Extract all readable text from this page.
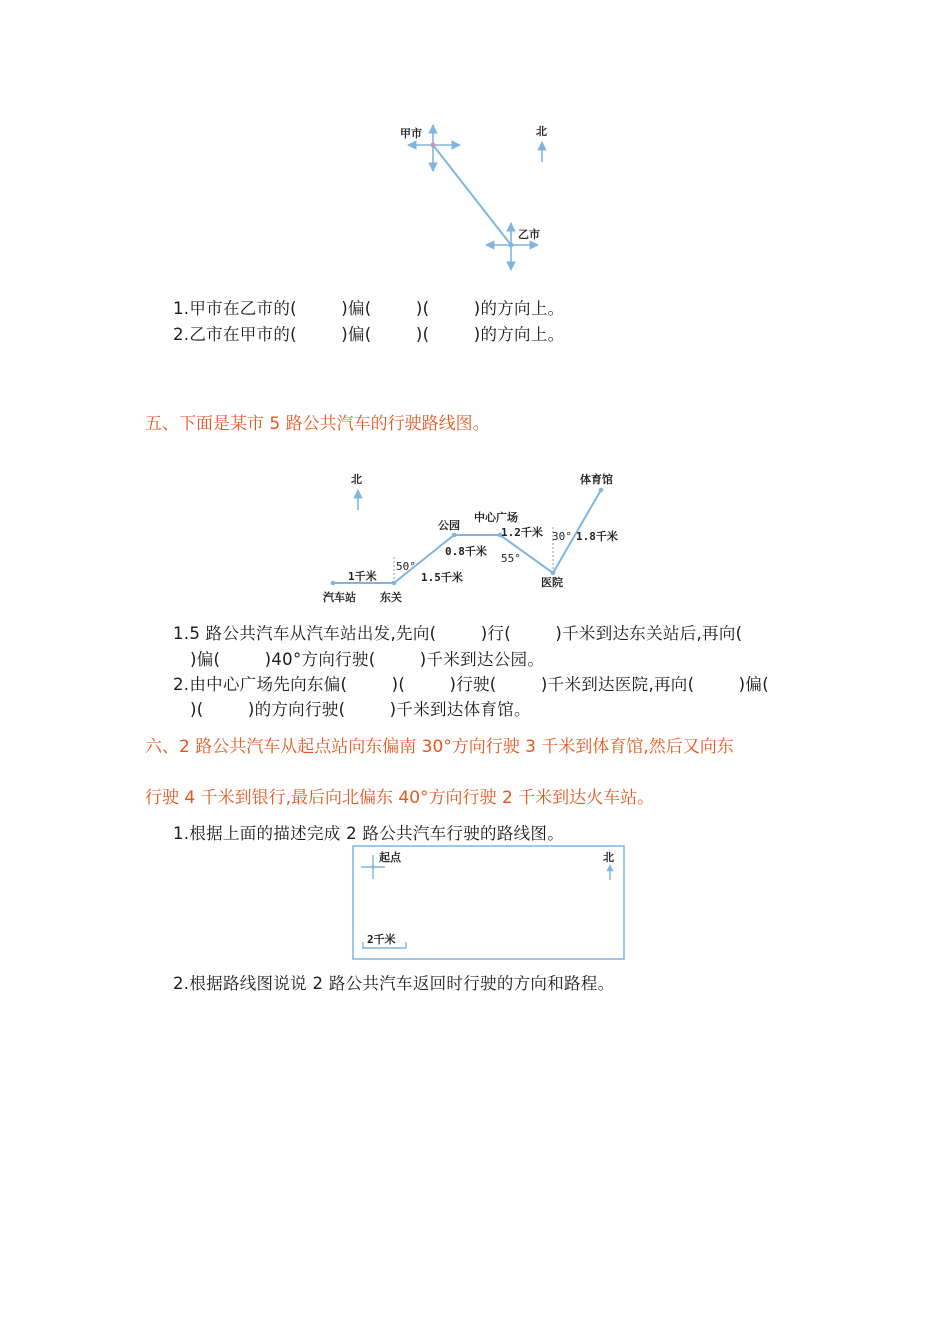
甲市
乙市
北
1.甲市在乙市的(        )偏(        )(        )的方向上。
2.乙市在甲市的(        )偏(        )(        )的方向上。
五、下面是某市 5 路公共汽车的行驶路线图。
北	体育馆
中心广场
公园
1.2千米 30° 1.8千米
0.8千米
55°
50°
1千米	1.5千米	医院
汽车站 东关
1.5 路公共汽车从汽车站出发,先向(        )行(        )千米到达东关站后,再向(
)偏(        )40°方向行驶(        )千米到达公园。
2.由中心广场先向东偏(        )(        )行驶(        )千米到达医院,再向(        )偏(
)(        )的方向行驶(        )千米到达体育馆。
六、2 路公共汽车从起点站向东偏南 30°方向行驶 3 千米到体育馆,然后又向东
行驶 4 千米到银行,最后向北偏东 40°方向行驶 2 千米到达火车站。
1.根据上面的描述完成 2 路公共汽车行驶的路线图。
起点	北
2千米
2.根据路线图说说 2 路公共汽车返回时行驶的方向和路程。
